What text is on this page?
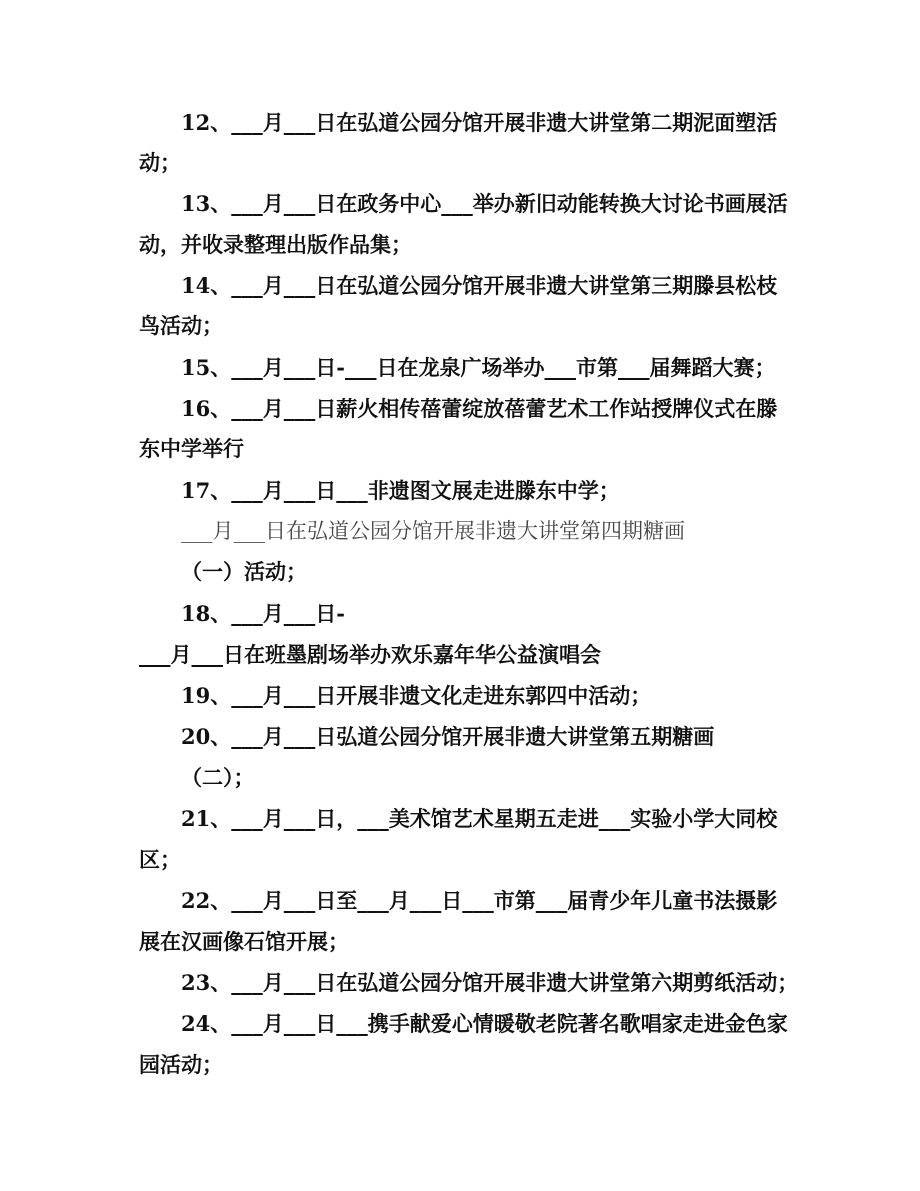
12、___月___日在弘道公园分馆开展非遗大讲堂第二期泥面塑活
动；
13、___月___日在政务中心___举办新旧动能转换大讨论书画展活
动，并收录整理出版作品集；
14、___月___日在弘道公园分馆开展非遗大讲堂第三期滕县松枝
鸟活动；
15、___月___日-___日在龙泉广场举办___市第___届舞蹈大赛；
16、___月___日薪火相传蓓蕾绽放蓓蕾艺术工作站授牌仪式在滕
东中学举行
17、___月___日___非遗图文展走进滕东中学；
___月___日在弘道公园分馆开展非遗大讲堂第四期糖画
（一）活动；
18、___月___日-
___月___日在班墨剧场举办欢乐嘉年华公益演唱会
19、___月___日开展非遗文化走进东郭四中活动；
20、___月___日弘道公园分馆开展非遗大讲堂第五期糖画
（二）；
21、___月___日，___美术馆艺术星期五走进___实验小学大同校
区；
22、___月___日至___月___日___市第___届青少年儿童书法摄影
展在汉画像石馆开展；
23、___月___日在弘道公园分馆开展非遗大讲堂第六期剪纸活动；
24、___月___日___携手献爱心情暖敬老院著名歌唱家走进金色家
园活动；
